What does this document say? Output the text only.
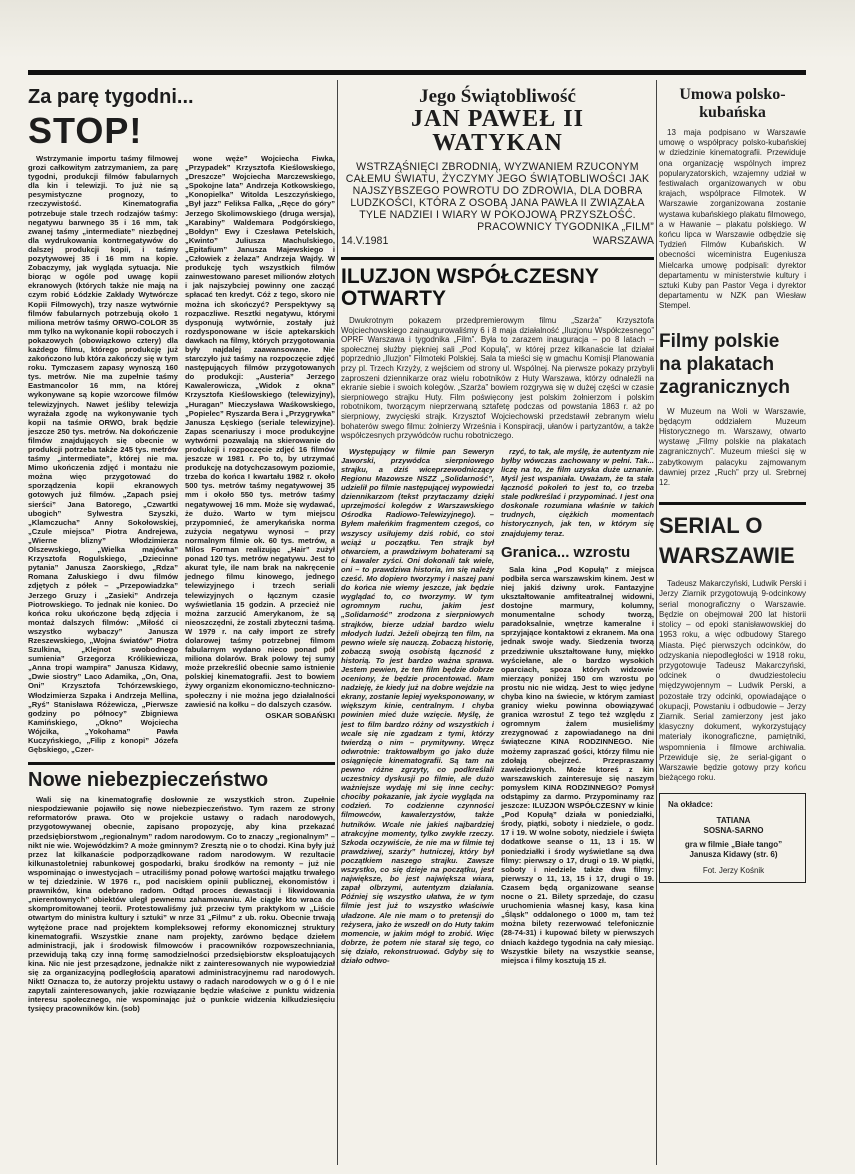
Za parę tygodni...
STOP!

Wstrzymanie importu taśmy filmowej grozi całkowitym zatrzymaniem, za parę tygodni, produkcji filmów fabularnych dla kin i telewizji. To już nie są pesymistyczne prognozy, to rzeczywistość. Kinematografia potrzebuje stale trzech rodzajów taśmy: negatywu barwnego 35 i 16 mm, tak zwanej taśmy „intermediate” niezbędnej dla wydrukowania kontrnegatywów do dalszej produkcji kopii, i taśmy pozytywowej 35 i 16 mm na kopie. Zobaczymy, jak wygląda sytuacja. Nie biorąc w ogóle pod uwagę kopii ekranowych (których także nie mają na czym robić Łódzkie Zakłady Wytwórcze Kopii Filmowych), trzy nasze wytwórnie filmów fabularnych potrzebują około 1 miliona metrów taśmy ORWO-COLOR 35 mm tylko na wykonanie kopii roboczych i pokazowych (obowiązkowo cztery) dla każdego filmu, którego produkcję już zakończono lub która zakończy się w tym roku. Tymczasem zapasy wynoszą 160 tys. metrów. Nie ma zupełnie taśmy Eastmancolor 16 mm, na której wykonywane są kopie wzorcowe filmów telewizyjnych. Nawet jeśliby telewizja wyrażała zgodę na wykonywanie tych kopii na taśmie ORWO, brak będzie jeszcze 250 tys. metrów. Na dokończenie filmów znajdujących się obecnie w produkcji potrzeba także 245 tys. metrów taśmy „intermediate”, której nie ma. Mimo ukończenia zdjęć i montażu nie można więc przygotować do sporządzenia kopii ekranowych gotowych już filmów. „Zapach psiej sierści” Jana Batorego, „Czwartki ubogich” Sylwestra Szyszki, „Klamczucha” Anny Sokołowskiej, „Czule miejsca” Piotra Andrejewa, „Wierne blizny” Włodzimierza Olszewskiego, „Wielka majówka” Krzysztofa Rogulskiego, „Dziecinne pytania” Janusza Zaorskiego, „Rdza” Romana Załuskiego i dwu filmów zdjętych z półek – „Przepowiadzka” Jerzego Gruzy i „Zasieki” Andrzeja Piotrowskiego. To jednak nie koniec. Do końca roku ukończone będą zdjęcia i montaż dalszych filmów: „Miłość ci wszystko wybaczy” Janusza Rzeszewskiego, „Wojna światów” Piotra Szulkina, „Klejnot swobodnego sumienia” Grzegorza Królikiewicza, „Anna tropi wampira” Janusza Kidawy, „Dwie siostry” Laco Adamika, „On, Ona, Oni” Krzysztofa Tchórzewskiego, Włodzimierza Szpaka i Andrzeja Mellina, „Ryś” Stanisława Różewicza, „Pierwsze godziny po północy” Zbigniewa Kamińskiego, „Okno” Wojciecha Wójcika, „Yokohama” Pawła Kuczyńskiego, „Filip z konopi” Józefa Gębskiego, „Czer-

wone węże” Wojciecha Fiwka, „Przypadek” Krzysztofa Kieślowskiego, „Dreszcze” Wojciecha Marczewskiego, „Spokojne lata” Andrzeja Kotkowskiego, „Konopielka” Witolda Leszczyńskiego, „Był jazz” Feliksa Falka, „Ręce do góry” Jerzego Skolimowskiego (druga wersja), „Karabiny” Waldemara Podgórskiego, „Bołdyn” Ewy i Czesława Petelskich, „Kwinto” Juliusza Machulskiego, „Epitafium” Janusza Majewskiego i „Człowiek z żelaza” Andrzeja Wajdy. W produkcję tych wszystkich filmów zainwestowano pareset milionów złotych i jak najszybciej powinny one zacząć spłacać ten kredyt. Cóż z tego, skoro nie można ich skończyć? Perspektywy są rozpaczliwe. Resztki negatywu, którymi dysponują wytwórnie, zostały już rozdysponowane w iście aptekarskich dawkach na filmy, których przygotowania były najdalej zaawansowane. Nie starczyło już taśmy na rozpoczęcie zdjęć następujących filmów przygotowanych do produkcji: „Austeria” Jerzego Kawalerowicza, „Widok z okna” Krzysztofa Kieślowskiego (telewizyjny), „Huragan” Mieczysława Waśkowskiego, „Popielec” Ryszarda Bera i „Przygrywka” Janusza Łęskiego (seriale telewizyjne). Zapas scenariuszy i moce produkcyjne wytwórni pozwalają na skierowanie do produkcji i rozpoczęcie zdjęć 16 filmów jeszcze w 1981 r. Po to, by utrzymać produkcję na dotychczasowym poziomie, trzeba do końca I kwartału 1982 r. około 500 tys. metrów taśmy negatywowej 35 mm i około 550 tys. metrów taśmy negatywowej 16 mm. Może się wydawać, że dużo. Warto w tym miejscu przypomnieć, że amerykańska norma zużycia negatywu wynosi – przy normalnym filmie ok. 60 tys. metrów, a Milos Forman realizując „Hair” zużył ponad 120 tys. metrów negatywu. Jest to akurat tyle, ile nam brak na nakręcenie jednego filmu kinowego, jednego telewizyjnego i trzech seriali telewizyjnych o łącznym czasie wyświetlania 15 godzin. A przecież nie można zarzucić Amerykanom, że są nieoszczędni, że zostali zbyteczni taśmą. W 1979 r. na cały import ze strefy dolarowej taśmy potrzebnej filmom fabularnym wydano nieco ponad pół miliona dolarów. Brak polowy tej sumy może przekreślić obecnie samo istnienie polskiej kinematografii. Jest to bowiem żywy organizm ekonomiczno-techniczno-społeczny i nie można jego działalności zawiesić na kołku – do dalszych czasów.

OSKAR SOBAŃSKI
Nowe niebezpieczeństwo

Wali się na kinematografię dosłownie ze wszystkich stron. Zupełnie niespodziewanie pojawiło się nowe niebezpieczeństwo. Tym razem ze strony reformatorów prawa. Oto w projekcie ustawy o radach narodowych, przygotowywanej obecnie, zapisano propozycję, aby kina przekazać przedsiębiorstwom „regionalnym” radom narodowym. Co to znaczy „regionalnym” – nikt nie wie. Wojewódzkim? A może gminnym? Zresztą nie o to chodzi. Kina były już przez lat kilkanaście podporządkowane radom narodowym. W rezultacie kilkunastoletniej rabunkowej gospodarki, braku środków na remonty – już nie wspominając o inwestycjach – utraciliśmy ponad połowę wartości majątku trwałego w tej dziedzinie. W 1976 r., pod naciskiem opinii publicznej, ekonomistów i prawników, kina odebrano radom. Odtąd proces dewastacji i likwidowania „nierentownych” obiektów uległ pewnemu zahamowaniu. Ale ciągle kto wraca do skompromitowanej teorii. Protestowaliśmy już przeciw tym praktykom w „Liście otwartym do ministra kultury i sztuki” w nrze 31 „Filmu” z ub. roku. Obecnie trwają wytężone prace nad projektem kompleksowej reformy ekonomicznej struktury kinematografii. Wszystkie znane nam projekty, zarówno będące dziełem administracji, jak i środowisk filmowców i pracowników rozpowszechniania, przewidują taką czy inną formę samodzielności przedsiębiorstw eksploatujących kina. Nic nie jest przesądzone, jednakże nikt z zainteresowanych nie wypowiedział się za organizacyjną podległością aparatowi administracyjnemu rad narodowych. Nikt! Oznacza to, że autorzy projektu ustawy o radach narodowych w o g ó l e nie zapytali zainteresowanych, jakie rozwiązanie będzie właściwe z punktu widzenia interesu społecznego, nie wspominając już o punkcie widzenia kilkudziesięciu tysięcy pracowników kin. (sob)

Jego Świątobliwość
JAN PAWEŁ II
WATYKAN
WSTRZĄŚNIĘCI ZBRODNIĄ, WYZWANIEM RZUCONYM CAŁEMU ŚWIATU, ŻYCZYMY JEGO ŚWIĄTOBLIWOŚCI JAK NAJSZYBSZEGO POWROTU DO ZDROWIA, DLA DOBRA LUDZKOŚCI, KTÓRA Z OSOBĄ JANA PAWŁA II ZWIĄZAŁA TYLE NADZIEI I WIARY W POKOJOWĄ PRZYSZŁOŚĆ.
PRACOWNICY TYGODNIKA „FILM”
14.V.1981	WARSZAWA
ILUZJON WSPÓŁCZESNY OTWARTY

Dwukrotnym pokazem przedpremierowym filmu „Szarża” Krzysztofa Wojciechowskiego zainaugurowaliśmy 6 i 8 maja działalność „Iluzjonu Współczesnego” OPRF Warszawa i tygodnika „Film”. Była to zarazem inauguracja – po 8 latach – społecznej służby piękniej sali „Pod Kopułą”, w której przez kilkanaście lat działał poprzednio „Iluzjon” Filmoteki Polskiej. Sala ta mieści się w gmachu Komisji Planowania przy pl. Trzech Krzyży, z wejściem od strony ul. Wspólnej. Na pierwsze pokazy przybyli zaproszeni dziennikarze oraz wielu robotników z Huty Warszawa, którzy odnaleźli na ekranie siebie i swoich kolegów. „Szarża” bowiem rozgrywa się w dużej części w czasie sierpniowego strajku Huty. Film poświęcony jest polskim żołnierzom i polskim robotnikom, tworzącym nieprzerwaną sztafetę podczas od powstania 1863 r. aż po sierpniowy, zwycięski strajk. Krzysztof Wojciechowski przedstawił zebranym wielu bohaterów swego filmu: żołnierzy Września i Konspiracji, ułanów i partyzantów, a także współczesnych przywódców ruchu robotniczego.

Występujący w filmie pan Seweryn Jaworski, przywódca sierpniowego strajku, a dziś wiceprzewodniczący Regionu Mazowsze NSZZ „Solidarność”, udzielił po filmie następującej wypowiedzi dziennikarzom (tekst przytaczamy dzięki uprzejmości kolegów z Warszawskiego Ośrodka Radiowo-Telewizyjnego). – Byłem małeńkim fragmentem czegoś, co wszyscy usiłujemy dziś robić, co stoi wciąż u początku. Ten strajk był otwarciem, a prawdziwym bohaterami są ci kawaler zyści. Oni dokonali tak wiele, oni – to prawdziwa historia, im się należy cześć. Mo dopiero tworzymy i naszej pani do końca nie wiemy jeszcze, jak będzie wyglądać to, co tworzymy. W tym ogromnym ruchu, jakim jest „Solidarność” zrodzona z sierpniowych strajków, bierze udział bardzo wielu młodych ludzi. Jeżeli obejrzą ten film, na pewno wiele się nauczą. Zobaczą historię, zobaczą swoją osobistą łączność z historią. To jest bardzo ważna sprawa. Jestem pewien, że ten film będzie dobrze oceniony, że będzie procentować. Mam nadzieję, że kiedy już na dobre wejdzie na ekrany, zostanie lepiej wyeksponowany, w większym kinie, centralnym. I chyba powinien mieć duże wzięcie. Myślę, że jest to film bardzo różny od wszystkich i wcale się nie zgadzam z tymi, którzy twierdzą o nim – prymitywny. Wręcz odwrotnie: traktowałbym go jako duże osiągnięcie kinematografii. Są tam na pewno różne zgrzyty, co podkreślali uczestnicy dyskusji po filmie, ale dużo ważniejsze wydaję mi się inne cechy: chociby pokazanie, jak życie wygląda na codzień. To codzienne czynności filmowców, kawalerzystów, także hutników. Wcale nie jakieś najbardziej atrakcyjne momenty, tylko zwykłe rzeczy. Szkoda oczywiście, że nie ma w filmie tej prawdziwej, szarży” hutniczej, który był początkiem naszego strajku. Zawsze wszystko, co się dzieje na początku, jest największe, bo jest największa wiara, zapał olbrzymi, autentyzm działania. Później się wszystko ułatwa, że w tym filmie jest już to wszystko właściwie uładzone. Ale nie mam o to pretensji do reżysera, jako że wszedł on do Huty takim momencie, w jakim mógł to zrobić. Więc dobrze, że potem nie starał się tego, co się działo, rekonstruować. Gdyby się to działo odtwo-

rzyć, to tak, ale myślę, że autentyzm nie byłby wówczas zachowany w pełni. Tak... liczę na to, że film uzyska duże uznanie. Myśl jest wspaniała. Uważam, że ta stała łączność pokoleń to jest to, co trzeba stale podkreślać i przypominać. I jest ona doskonale rozumiana właśnie w takich trudnych, ciężkich momentach historycznych, jak ten, w którym się znajdujemy teraz.

Granica... wzrostu

Sala kina „Pod Kopułą” z miejsca podbiła serca warszawskim kinem. Jest w niej jakiś dziwny urok. Fantazyjne ukształtowanie amfiteatralnej widowni, dostojne marmury, kolumny, monumentalne schody tworzą, paradoksalnie, wnętrze kameralne i sprzyjające kontaktowi z ekranem. Ma ona jednak swoje wady. Siedzenia tworzą przedziwnie ukształtowane łuny, miękko wyściełane, ale o bardzo wysokich oparciach, spoza których widzowie mierzący poniżej 150 cm wzrostu po prostu nic nie widzą. Jest to więc jedyne chyba kino na świecie, w którym zamiast granicy wieku powinna obowiązywać granica wzrostu! Z tego też względu z ogromnym żalem musieliśmy zrezygnować z zapowiadanego na dni świąteczne KINA RODZINNEGO. Nie możemy zapraszać gości, którzy filmu nie zdołają obejrzeć. Przepraszamy zawiedzionych. Może ktoreś z kin warszawskich zainteresuje się naszym pomysłem KINA RODZINNEGO? Pomysł odstąpimy za darmo. Przypominamy raz jeszcze: ILUZJON WSPÓŁCZESNY w kinie „Pod Kopułą” działa w poniedziałki, środy, piątki, soboty i niedziele, o godz. 17 i 19. W wolne soboty, niedziele i święta dodatkowe seanse o 11, 13 i 15. W poniedziałki i środy wyświetlane są dwa filmy: pierwszy o 17, drugi o 19. W piątki, soboty i niedziele także dwa filmy: pierwszy o 11, 13, 15 i 17, drugi o 19. Czasem będą organizowane seanse nocne o 21. Bilety sprzedaje, do czasu uruchomienia własnej kasy, kasa kina „Śląsk” oddalonego o 1000 m, tam też można bilety rezerwować telefonicznie (28-74-31) i kupować bilety w pierwszych dniach każdego tygodnia na cały miesiąc. Wszystkie bilety na wszystkie seanse, miejsca i filmy kosztują 15 zł.

Umowa polsko-kubańska

13 maja podpisano w Warszawie umowę o współpracy polsko-kubańskiej w dziedzinie kinematografii. Przewiduje ona organizację wspólnych imprez popularyzatorskich, wzajemny udział w festiwalach organizowanych w obu krajach, wspólprace Filmotek. W Warszawie zorganizowana zostanie wystawa kubańskiego plakatu filmowego, a w Hawanie – plakatu polskiego. W końcu lipca w Warszawie odbędzie się Tydzień Filmów Kubańskich. W obecności wiceministra Eugeniusza Mielcarka umowę podpisali: dyrektor departamentu w ministerstwie kultury i sztuki Kuby pan Pastor Vega i dyrektor departamentu w NZK pan Wiesław Stempel.

Filmy polskie na plakatach zagranicznych

W Muzeum na Woli w Warszawie, będącym oddziałem Muzeum Historycznego m. Warszawy, otwarto wystawę „Filmy polskie na plakatach zagranicznych”. Muzeum mieści się w zabytkowym palacyku zajmowanym dawniej przez „Ruch” przy ul. Srebrnej 12.

SERIAL O WARSZAWIE

Tadeusz Makarczyński, Ludwik Perski i Jerzy Ziarnik przygotowują 9-odcinkowy serial monograficzny o Warszawie. Będzie on obejmował 200 lat historii stolicy – od epoki stanisławowskiej do 1953 roku, a więc odbudowy Starego Miasta. Pięć pierwszych odcinków, do odzyskania niepodległości w 1918 roku, przygotowuje Tadeusz Makarczyński, odcinek o dwudziestoleciu międzywojennym – Ludwik Perski, a pozostałe trzy odcinki, opowiadające o okupacji, Powstaniu i odbudowie – Jerzy Ziarnik. Serial zamierzony jest jako klasyczny dokument, wykorzystujący materiały ikonograficzne, pamiętniki, wspomnienia i filmowe archiwalia. Przewiduje się, że serial-gigant o Warszawie będzie gotowy przy końcu bieżącego roku.

Na okładce:
TATIANA
SOSNA-SARNO
gra w filmie „Białe tango” Janusza Kidawy (str. 6)
Fot. Jerzy Kośnik
